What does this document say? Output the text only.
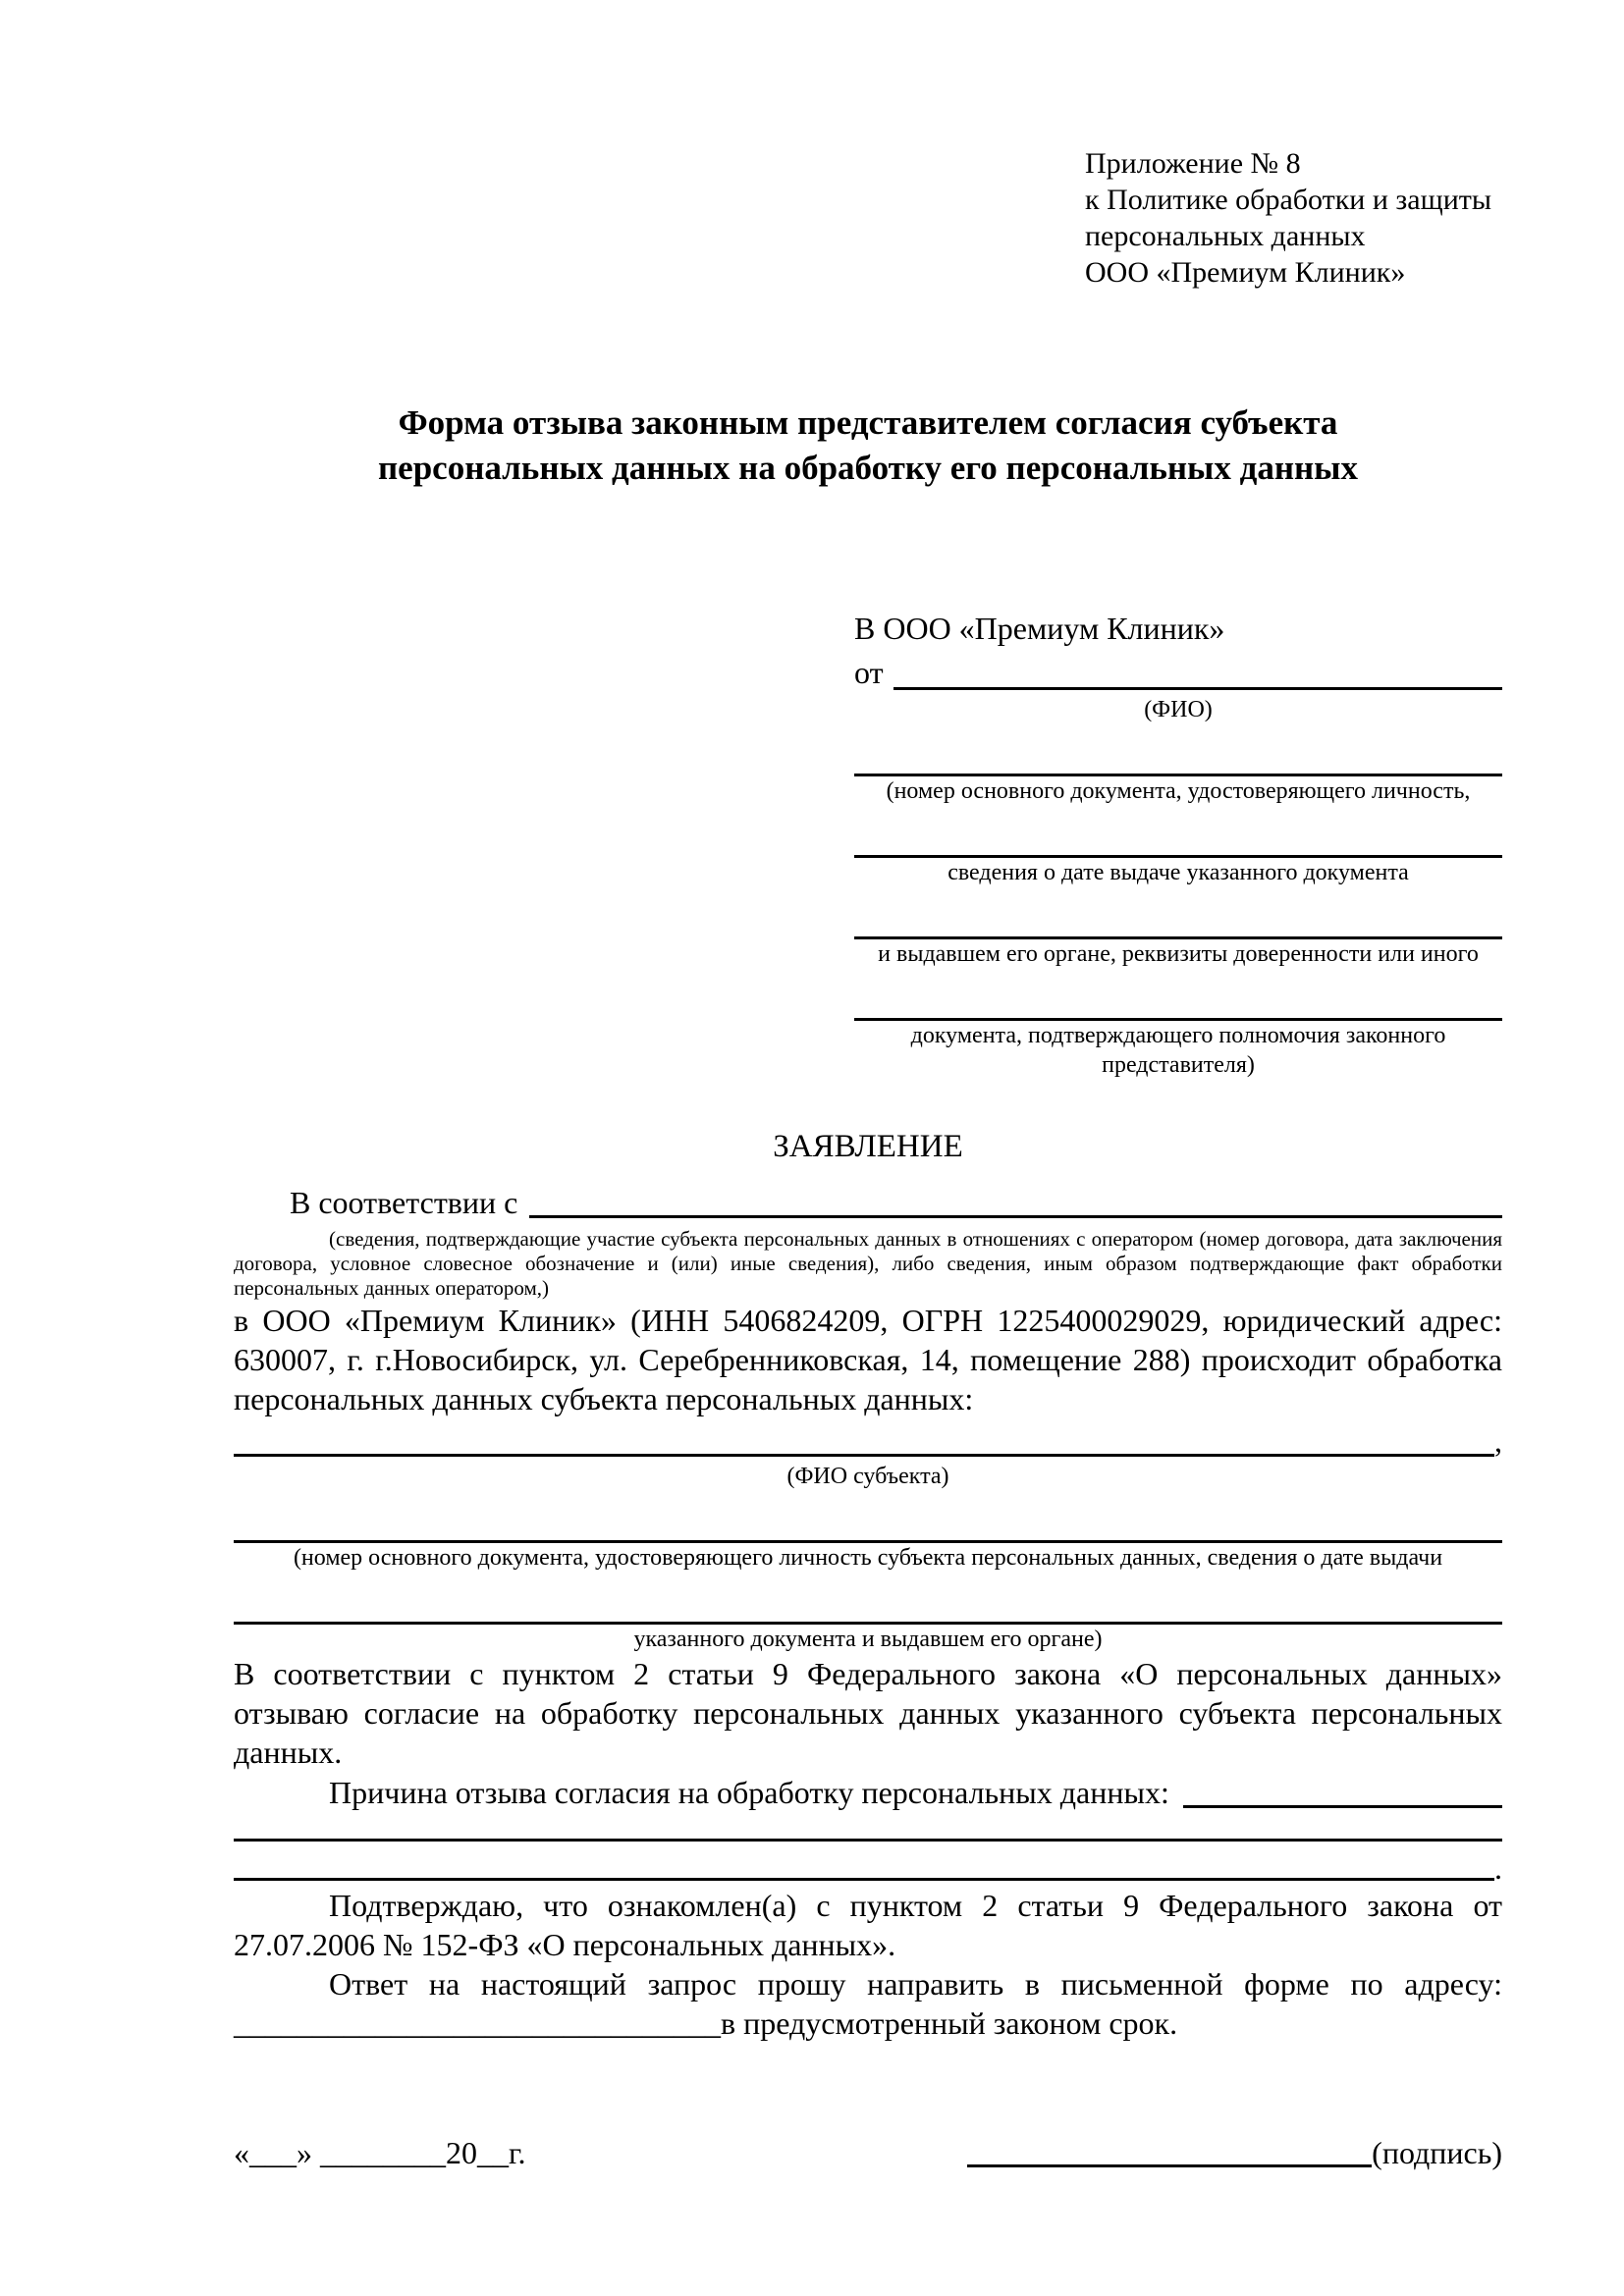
Приложение № 8
к Политике обработки и защиты
персональных данных
ООО «Премиум Клиник»
Форма отзыва законным представителем согласия субъекта персональных данных на обработку его персональных данных
В ООО «Премиум Клиник»
от
(ФИО)
(номер основного документа, удостоверяющего личность,
сведения о дате выдаче указанного документа
и выдавшем его органе, реквизиты доверенности или иного
документа, подтверждающего полномочия законного представителя)
ЗАЯВЛЕНИЕ
В соответствии с

(сведения, подтверждающие участие субъекта персональных данных в отношениях с оператором (номер договора, дата заключения договора, условное словесное обозначение и (или) иные сведения), либо сведения, иным образом подтверждающие факт обработки персональных данных оператором,)

в ООО «Премиум Клиник» (ИНН 5406824209, ОГРН 1225400029029, юридический адрес: 630007, г. г.Новосибирск, ул. Серебренниковская, 14, помещение 288) происходит обработка персональных данных субъекта персональных данных:

,
(ФИО субъекта)
(номер основного документа, удостоверяющего личность субъекта персональных данных, сведения о дате выдачи
указанного документа и выдавшем его органе)

В соответствии с пунктом 2 статьи 9 Федерального закона «О персональных данных» отзываю согласие на обработку персональных данных указанного субъекта персональных данных.

Причина отзыва согласия на обработку персональных данных:
.

Подтверждаю, что ознакомлен(а) с пунктом 2 статьи 9 Федерального закона от 27.07.2006 № 152-ФЗ «О персональных данных».

Ответ на настоящий запрос прошу направить в письменной форме по адресу: _______________________________в предусмотренный законом срок.

«___» ________20__г.	(подпись)
